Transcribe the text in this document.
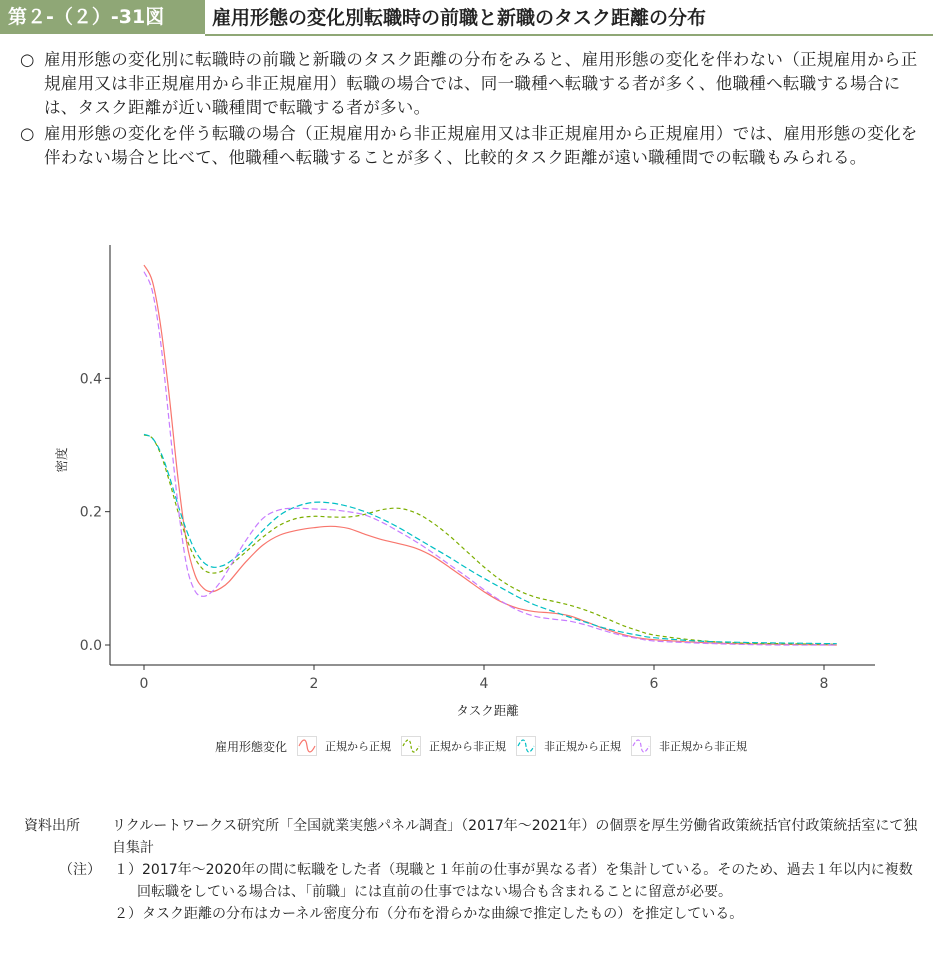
第２-（２）-31図	雇用形態の変化別転職時の前職と新職のタスク距離の分布
○ 雇用形態の変化別に転職時の前職と新職のタスク距離の分布をみると、雇用形態の変化を伴わない（正規雇用から正規雇用又は非正規雇用から非正規雇用）転職の場合では、同一職種へ転職する者が多く、他職種へ転職する場合には、タスク距離が近い職種間で転職する者が多い。
○ 雇用形態の変化を伴う転職の場合（正規雇用から非正規雇用又は非正規雇用から正規雇用）では、雇用形態の変化を伴わない場合と比べて、他職種へ転職することが多く、比較的タスク距離が遠い職種間での転職もみられる。
0	2	4	6	8
0.0
0.2
0.4
タスク距離
密度
雇用形態変化	正規から正規	正規から非正規	非正規から正規	非正規から非正規
資料出所	リクルートワークス研究所「全国就業実態パネル調査」（2017年～2021年）の個票を厚生労働省政策統括官付政策統括室にて独自集計
（注） １）2017年～2020年の間に転職をした者（現職と１年前の仕事が異なる者）を集計している。そのため、過去１年以内に複数回転職をしている場合は、「前職」には直前の仕事ではない場合も含まれることに留意が必要。
２）タスク距離の分布はカーネル密度分布（分布を滑らかな曲線で推定したもの）を推定している。
